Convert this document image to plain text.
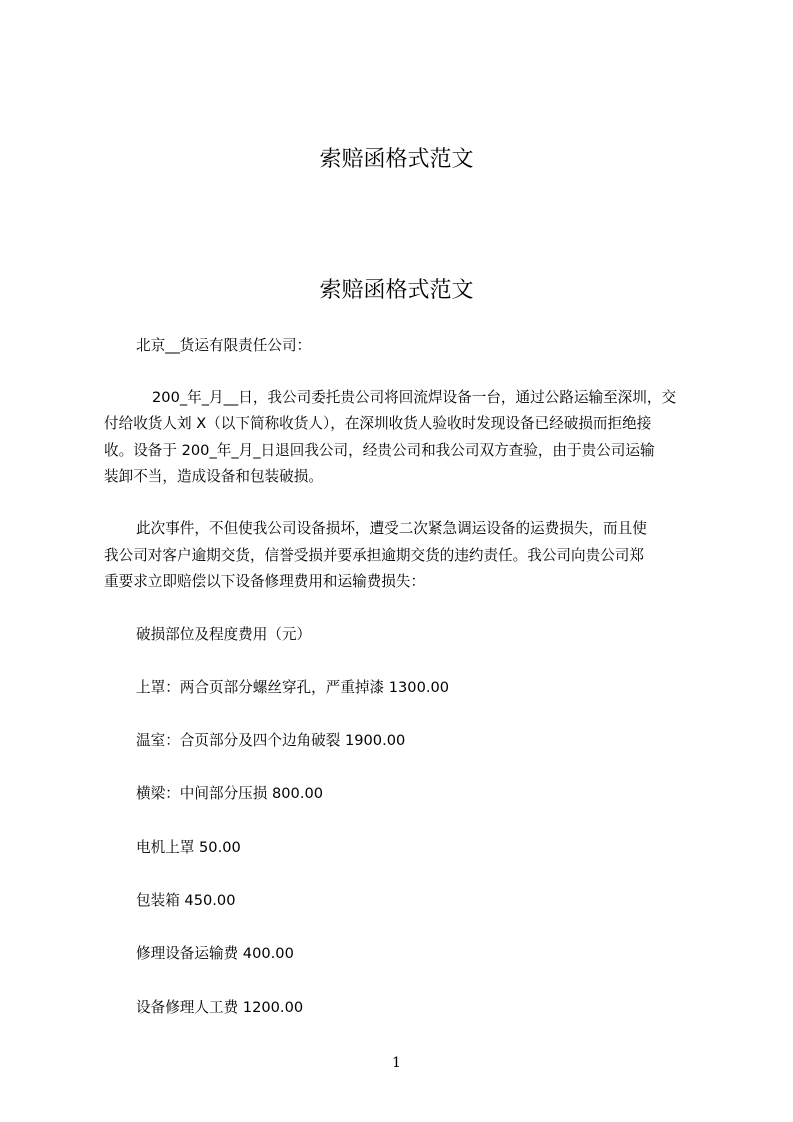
索赔函格式范文
索赔函格式范文
北京__货运有限责任公司：
200_年_月__日，我公司委托贵公司将回流焊设备一台，通过公路运输至深圳，交
付给收货人刘 X（以下简称收货人），在深圳收货人验收时发现设备已经破损而拒绝接
收。设备于 200_年_月_日退回我公司，经贵公司和我公司双方查验，由于贵公司运输
装卸不当，造成设备和包装破损。
此次事件，不但使我公司设备损坏，遭受二次紧急调运设备的运费损失，而且使
我公司对客户逾期交货，信誉受损并要承担逾期交货的违约责任。我公司向贵公司郑
重要求立即赔偿以下设备修理费用和运输费损失：
破损部位及程度费用（元）
上罩：两合页部分螺丝穿孔，严重掉漆 1300.00
温室：合页部分及四个边角破裂 1900.00
横梁：中间部分压损 800.00
电机上罩 50.00
包装箱 450.00
修理设备运输费 400.00
设备修理人工费 1200.00
1
